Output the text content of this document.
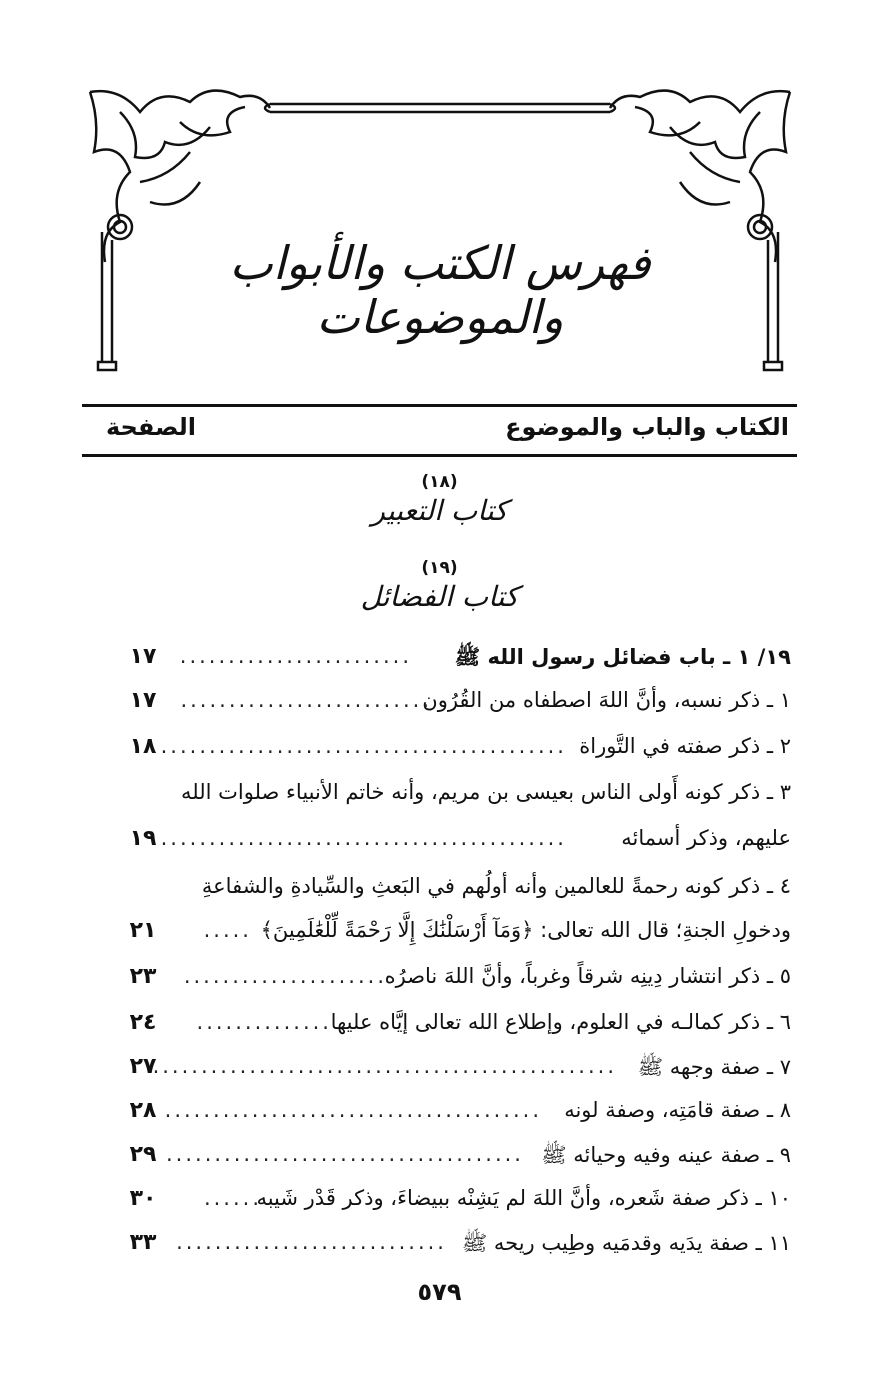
فهرس الكتب والأبواب والموضوعات
الكتاب والباب والموضوع
الصفحة
(١٨)
كتاب التعبير
(١٩)
كتاب الفضائل
١٩/ ١ ـ باب فضائل رسول الله ﷺ
........................
١٧
١ ـ ذكر نسبه، وأنَّ اللهَ اصطفاه من القُرُون
..........................
١٧
٢ ـ ذكر صفته في التَّوراة
..........................................
١٨
٣ ـ ذكر كونه أَولى الناس بعيسى بن مريم، وأنه خاتم الأنبياء صلوات الله
عليهم، وذكر أسمائه
..........................................
١٩
٤ ـ ذكر كونه رحمةً للعالمين وأنه أولُهم في البَعثِ والسِّيادةِ والشفاعةِ
ودخولِ الجنةِ؛ قال الله تعالى: ﴿وَمَآ أَرْسَلْنَٰكَ إِلَّا رَحْمَةً لِّلْعَٰلَمِينَ﴾
.....
٢١
٥ ـ ذكر انتشار دِينِه شرقاً وغرباً، وأنَّ اللهَ ناصرُه
.....................
٢٣
٦ ـ ذكر كمالـه في العلوم، وإطلاع الله تعالى إيَّاه عليها
..............
٢٤
٧ ـ صفة وجهه ﷺ
................................................
٢٧
٨ ـ صفة قامَتِه، وصفة لونه
.......................................
٢٨
٩ ـ صفة عينه وفيه وحيائه ﷺ
.....................................
٢٩
١٠ ـ ذكر صفة شَعره، وأنَّ اللهَ لم يَشِنْه ببيضاءَ، وذكر قَدْر شَيبه
......
٣٠
١١ ـ صفة يدَيه وقدمَيه وطِيب ريحه ﷺ
............................
٣٣
٥٧٩
